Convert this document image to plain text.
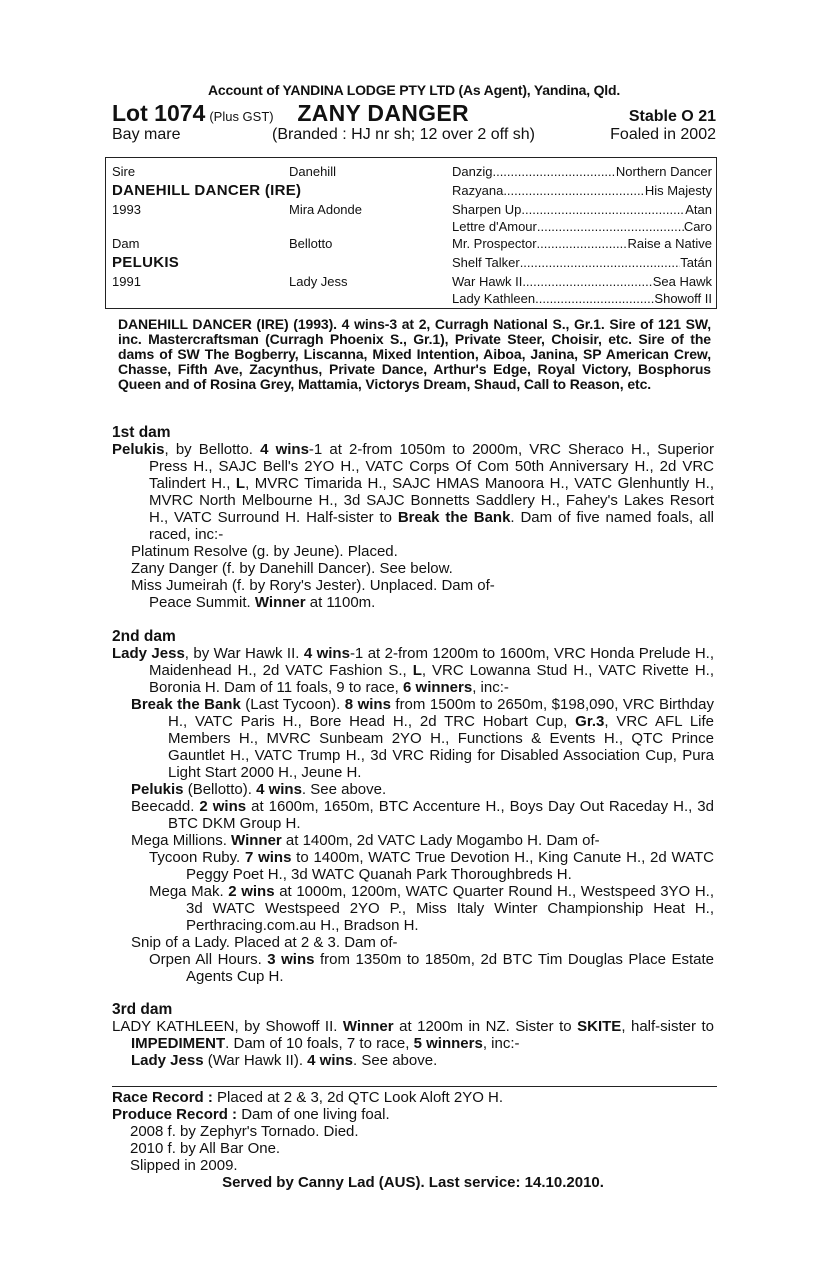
Account of YANDINA LODGE PTY LTD (As Agent), Yandina, Qld.
Lot 1074 (Plus GST)	ZANY DANGER	Stable O 21
Bay mare	(Branded : HJ nr sh; 12 over 2 off sh)	Foaled in 2002
Sire	Danehill	Danzig .....	Northern Dancer
DANEHILL DANCER (IRE)	Razyana .....	His Majesty
1993	Mira Adonde	Sharpen Up .....	Atan
Lettre d'Amour .....	Caro
Dam	Bellotto	Mr. Prospector .....	Raise a Native
PELUKIS	Shelf Talker .....	Tatán
1991	Lady Jess	War Hawk II .....	Sea Hawk
Lady Kathleen .....	Showoff II
DANEHILL DANCER (IRE) (1993). 4 wins-3 at 2, Curragh National S., Gr.1. Sire of 121 SW, inc. Mastercraftsman (Curragh Phoenix S., Gr.1), Private Steer, Choisir, etc. Sire of the dams of SW The Bogberry, Liscanna, Mixed Intention, Aiboa, Janina, SP American Crew, Chasse, Fifth Ave, Zacynthus, Private Dance, Arthur's Edge, Royal Victory, Bosphorus Queen and of Rosina Grey, Mattamia, Victorys Dream, Shaud, Call to Reason, etc.
1st dam
Pelukis, by Bellotto. 4 wins-1 at 2-from 1050m to 2000m, VRC Sheraco H., Superior Press H., SAJC Bell's 2YO H., VATC Corps Of Com 50th Anniversary H., 2d VRC Talindert H., L, MVRC Timarida H., SAJC HMAS Manoora H., VATC Glenhuntly H., MVRC North Melbourne H., 3d SAJC Bonnetts Saddlery H., Fahey's Lakes Resort H., VATC Surround H. Half-sister to Break the Bank. Dam of five named foals, all raced, inc:-
Platinum Resolve (g. by Jeune). Placed.
Zany Danger (f. by Danehill Dancer). See below.
Miss Jumeirah (f. by Rory's Jester). Unplaced. Dam of-
Peace Summit. Winner at 1100m.
2nd dam
Lady Jess, by War Hawk II. 4 wins-1 at 2-from 1200m to 1600m, VRC Honda Prelude H., Maidenhead H., 2d VATC Fashion S., L, VRC Lowanna Stud H., VATC Rivette H., Boronia H. Dam of 11 foals, 9 to race, 6 winners, inc:-
Break the Bank (Last Tycoon). 8 wins from 1500m to 2650m, $198,090, VRC Birthday H., VATC Paris H., Bore Head H., 2d TRC Hobart Cup, Gr.3, VRC AFL Life Members H., MVRC Sunbeam 2YO H., Functions & Events H., QTC Prince Gauntlet H., VATC Trump H., 3d VRC Riding for Disabled Association Cup, Pura Light Start 2000 H., Jeune H.
Pelukis (Bellotto). 4 wins. See above.
Beecadd. 2 wins at 1600m, 1650m, BTC Accenture H., Boys Day Out Raceday H., 3d BTC DKM Group H.
Mega Millions. Winner at 1400m, 2d VATC Lady Mogambo H. Dam of-
Tycoon Ruby. 7 wins to 1400m, WATC True Devotion H., King Canute H., 2d WATC Peggy Poet H., 3d WATC Quanah Park Thoroughbreds H.
Mega Mak. 2 wins at 1000m, 1200m, WATC Quarter Round H., Westspeed 3YO H., 3d WATC Westspeed 2YO P., Miss Italy Winter Championship Heat H., Perthracing.com.au H., Bradson H.
Snip of a Lady. Placed at 2 & 3. Dam of-
Orpen All Hours. 3 wins from 1350m to 1850m, 2d BTC Tim Douglas Place Estate Agents Cup H.
3rd dam
LADY KATHLEEN, by Showoff II. Winner at 1200m in NZ. Sister to SKITE, half-sister to IMPEDIMENT. Dam of 10 foals, 7 to race, 5 winners, inc:-
Lady Jess (War Hawk II). 4 wins. See above.
Race Record : Placed at 2 & 3, 2d QTC Look Aloft 2YO H.
Produce Record : Dam of one living foal.
2008 f. by Zephyr's Tornado. Died.
2010 f. by All Bar One.
Slipped in 2009.
Served by Canny Lad (AUS). Last service: 14.10.2010.
